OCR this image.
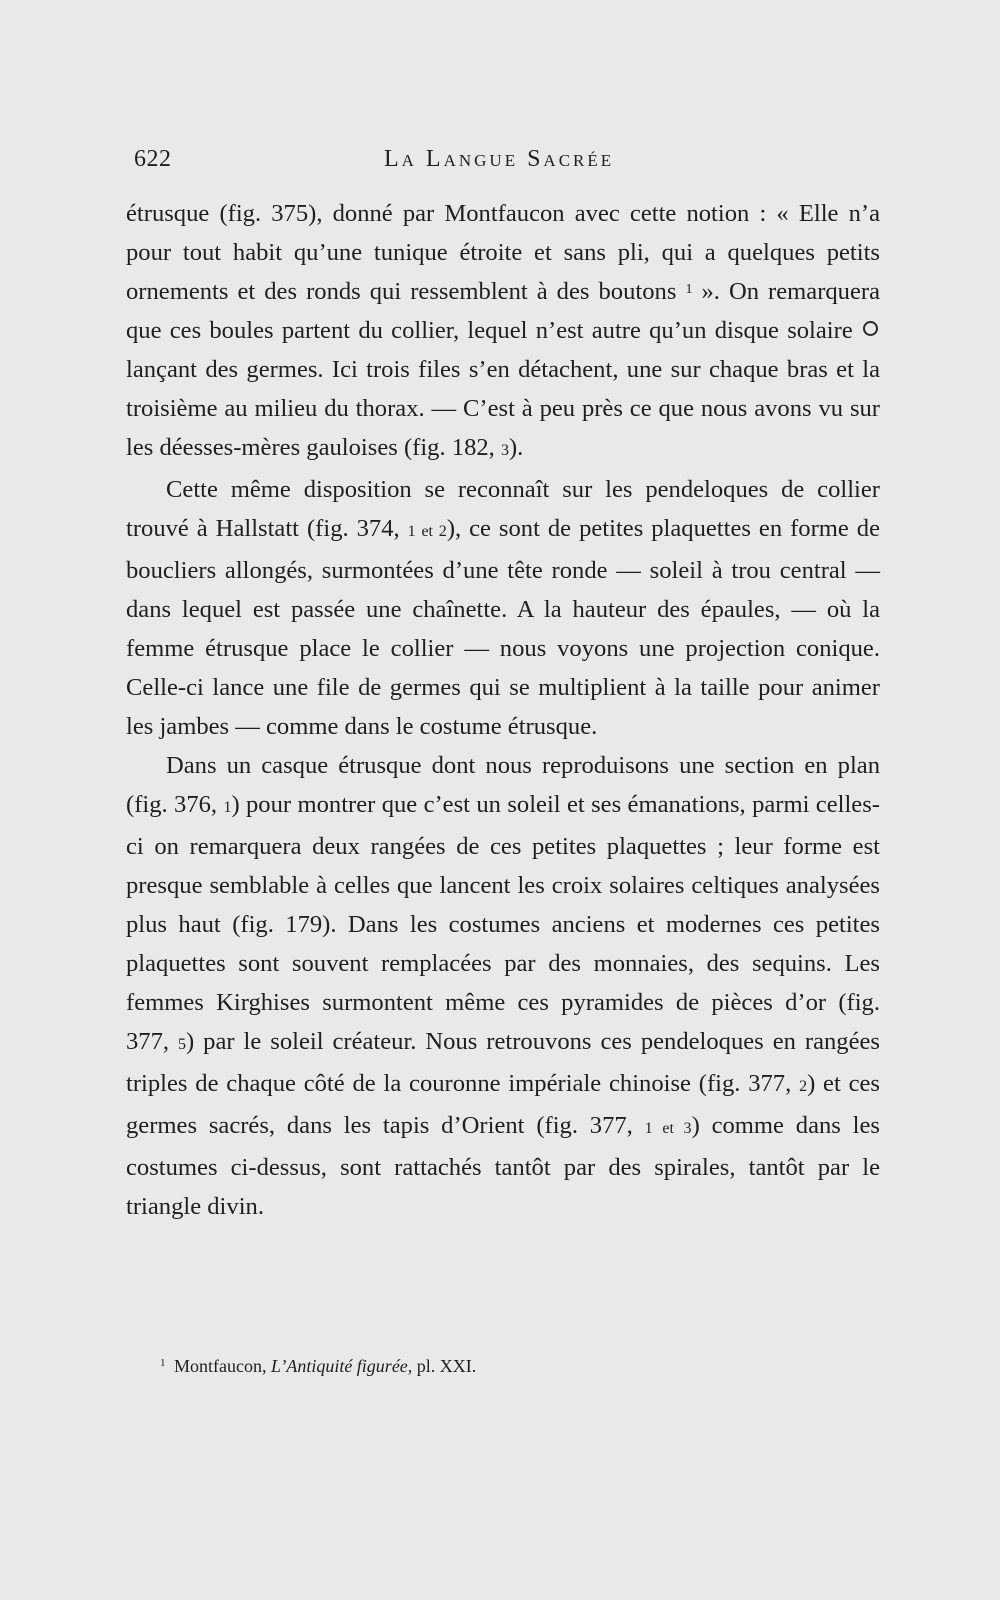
622	La Langue Sacrée

étrusque (fig. 375), donné par Montfaucon avec cette notion : « Elle n’a pour tout habit qu’une tunique étroite et sans pli, qui a quelques petits ornements et des ronds qui ressemblent à des boutons $^1$ ». On remarquera que ces boules partent du collier, lequel n’est autre qu’un disque solaire  lançant des germes. Ici trois files s’en détachent, une sur chaque bras et la troisième au milieu du thorax. — C’est à peu près ce que nous avons vu sur les déesses-mères gauloises (fig. 182, 3).

Cette même disposition se reconnaît sur les pendeloques de collier trouvé à Hallstatt (fig. 374, 1 et 2), ce sont de petites plaquettes en forme de boucliers allongés, surmontées d’une tête ronde — soleil à trou central — dans lequel est passée une chaînette. A la hauteur des épaules, — où la femme étrusque place le collier — nous voyons une projection conique. Celle-ci lance une file de germes qui se multiplient à la taille pour animer les jambes — comme dans le costume étrusque.

Dans un casque étrusque dont nous reproduisons une section en plan (fig. 376, 1) pour montrer que c’est un soleil et ses émanations, parmi celles-ci on remarquera deux rangées de ces petites plaquettes ; leur forme est presque semblable à celles que lancent les croix solaires celtiques analysées plus haut (fig. 179). Dans les costumes anciens et modernes ces petites plaquettes sont souvent remplacées par des monnaies, des sequins. Les femmes Kirghises surmontent même ces pyramides de pièces d’or (fig. 377, 5) par le soleil créateur. Nous retrouvons ces pendeloques en rangées triples de chaque côté de la couronne impériale chinoise (fig. 377, 2) et ces germes sacrés, dans les tapis d’Orient (fig. 377, 1 et 3) comme dans les costumes ci-dessus, sont rattachés tantôt par des spirales, tantôt par le triangle divin.

$^1$ Montfaucon, L’Antiquité figurée, pl. XXI.
